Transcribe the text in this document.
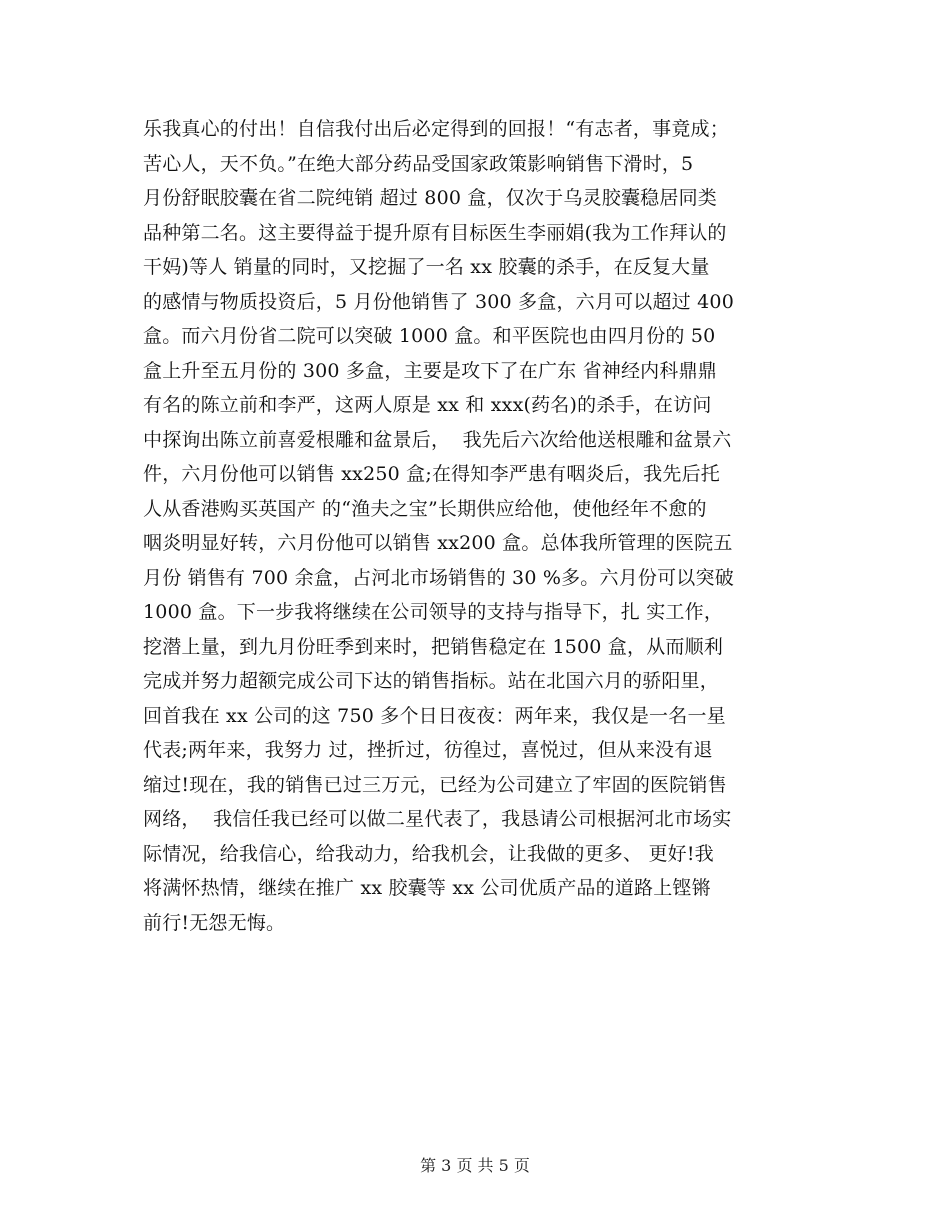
乐我真心的付出！自信我付出后必定得到的回报！“有志者，事竟成；
苦心人，天不负。”在绝大部分药品受国家政策影响销售下滑时，5
月份舒眠胶囊在省二院纯销 超过 800 盒，仅次于乌灵胶囊稳居同类
品种第二名。这主要得益于提升原有目标医生李丽娟(我为工作拜认的
干妈)等人 销量的同时，又挖掘了一名 xx 胶囊的杀手，在反复大量
的感情与物质投资后，5 月份他销售了 300 多盒，六月可以超过 400
盒。而六月份省二院可以突破 1000 盒。和平医院也由四月份的 50
盒上升至五月份的 300 多盒，主要是攻下了在广东 省神经内科鼎鼎
有名的陈立前和李严，这两人原是 xx 和 xxx(药名)的杀手，在访问
中探询出陈立前喜爱根雕和盆景后，  我先后六次给他送根雕和盆景六
件，六月份他可以销售 xx250 盒;在得知李严患有咽炎后，我先后托
人从香港购买英国产 的“渔夫之宝”长期供应给他，使他经年不愈的
咽炎明显好转，六月份他可以销售 xx200 盒。总体我所管理的医院五
月份 销售有 700 余盒，占河北市场销售的 30 %多。六月份可以突破
1000 盒。下一步我将继续在公司领导的支持与指导下，扎 实工作，
挖潜上量，到九月份旺季到来时，把销售稳定在 1500 盒，从而顺利
完成并努力超额完成公司下达的销售指标。站在北国六月的骄阳里，
回首我在 xx 公司的这 750 多个日日夜夜：两年来，我仅是一名一星
代表;两年来，我努力 过，挫折过，彷徨过，喜悦过，但从来没有退
缩过!现在，我的销售已过三万元，已经为公司建立了牢固的医院销售
网络，  我信任我已经可以做二星代表了，我恳请公司根据河北市场实
际情况，给我信心，给我动力，给我机会，让我做的更多、 更好!我
将满怀热情，继续在推广 xx 胶囊等 xx 公司优质产品的道路上铿锵
前行!无怨无悔。
第 3 页 共 5 页
